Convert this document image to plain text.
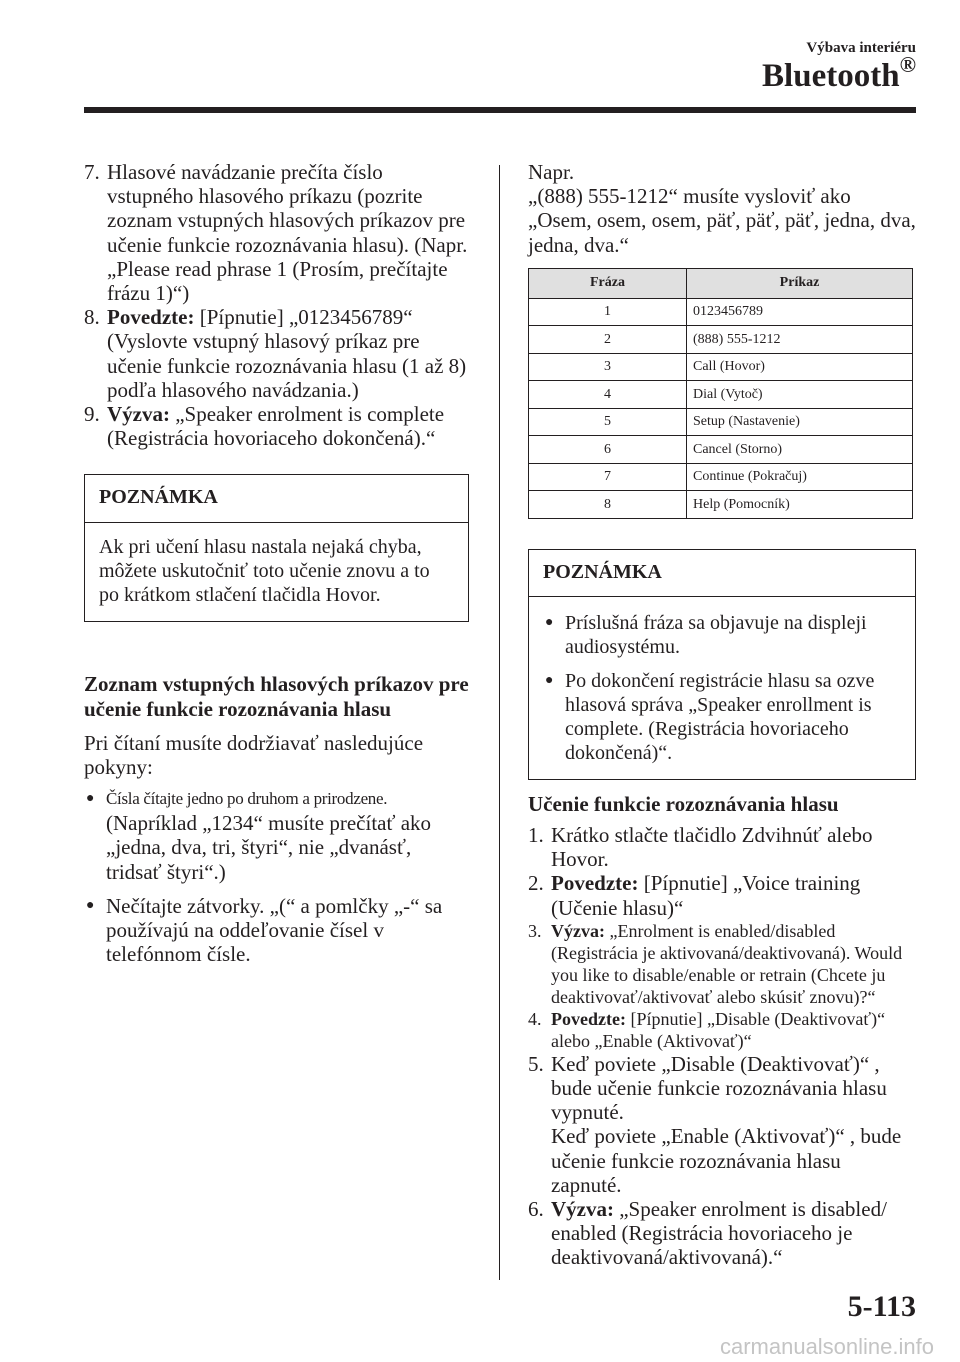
Výbava interiéru
Bluetooth®
7. Hlasové navádzanie prečíta číslo vstupného hlasového príkazu (pozrite zoznam vstupných hlasových príkazov pre učenie funkcie rozoznávania hlasu). (Napr. „Please read phrase 1 (Prosím, prečítajte frázu 1)“)
8. Povedzte: [Pípnutie] „0123456789“ (Vyslovte vstupný hlasový príkaz pre učenie funkcie rozoznávania hlasu (1 až 8) podľa hlasového navádzania.)
9. Výzva: „Speaker enrolment is complete (Registrácia hovoriaceho dokončená).“
POZNÁMKA
Ak pri učení hlasu nastala nejaká chyba, môžete uskutočniť toto učenie znovu a to po krátkom stlačení tlačidla Hovor.
Zoznam vstupných hlasových príkazov pre učenie funkcie rozoznávania hlasu
Pri čítaní musíte dodržiavať nasledujúce pokyny:
● Čísla čítajte jedno po druhom a prirodzene.
(Napríklad „1234“ musíte prečítať ako „jedna, dva, tri, štyri“, nie „dvanásť, tridsať štyri“.)
● Nečítajte zátvorky. „(“ a pomlčky „-“ sa používajú na oddeľovanie čísel v telefónnom čísle.
Napr.
„(888) 555-1212“ musíte vysloviť ako „Osem, osem, osem, päť, päť, päť, jedna, dva, jedna, dva.“
Fráza	Príkaz
1	0123456789
2	(888) 555-1212
3	Call (Hovor)
4	Dial (Vytoč)
5	Setup (Nastavenie)
6	Cancel (Storno)
7	Continue (Pokračuj)
8	Help (Pomocník)
POZNÁMKA
● Príslušná fráza sa objavuje na displeji audiosystému.
● Po dokončení registrácie hlasu sa ozve hlasová správa „Speaker enrollment is complete. (Registrácia hovoriaceho dokončená)“.
Učenie funkcie rozoznávania hlasu
1. Krátko stlačte tlačidlo Zdvihnúť alebo Hovor.
2. Povedzte: [Pípnutie] „Voice training (Učenie hlasu)“
3. Výzva: „Enrolment is enabled/disabled (Registrácia je aktivovaná/deaktivovaná). Would you like to disable/enable or retrain (Chcete ju deaktivovať/aktivovať alebo skúsiť znovu)?“
4. Povedzte: [Pípnutie] „Disable (Deaktivovať)“ alebo „Enable (Aktivovať)“
5. Keď poviete „Disable (Deaktivovať)“ , bude učenie funkcie rozoznávania hlasu vypnuté.
Keď poviete „Enable (Aktivovať)“ , bude učenie funkcie rozoznávania hlasu zapnuté.
6. Výzva: „Speaker enrolment is disabled/ enabled (Registrácia hovoriaceho je deaktivovaná/aktivovaná).“
5-113
carmanualsonline.info
